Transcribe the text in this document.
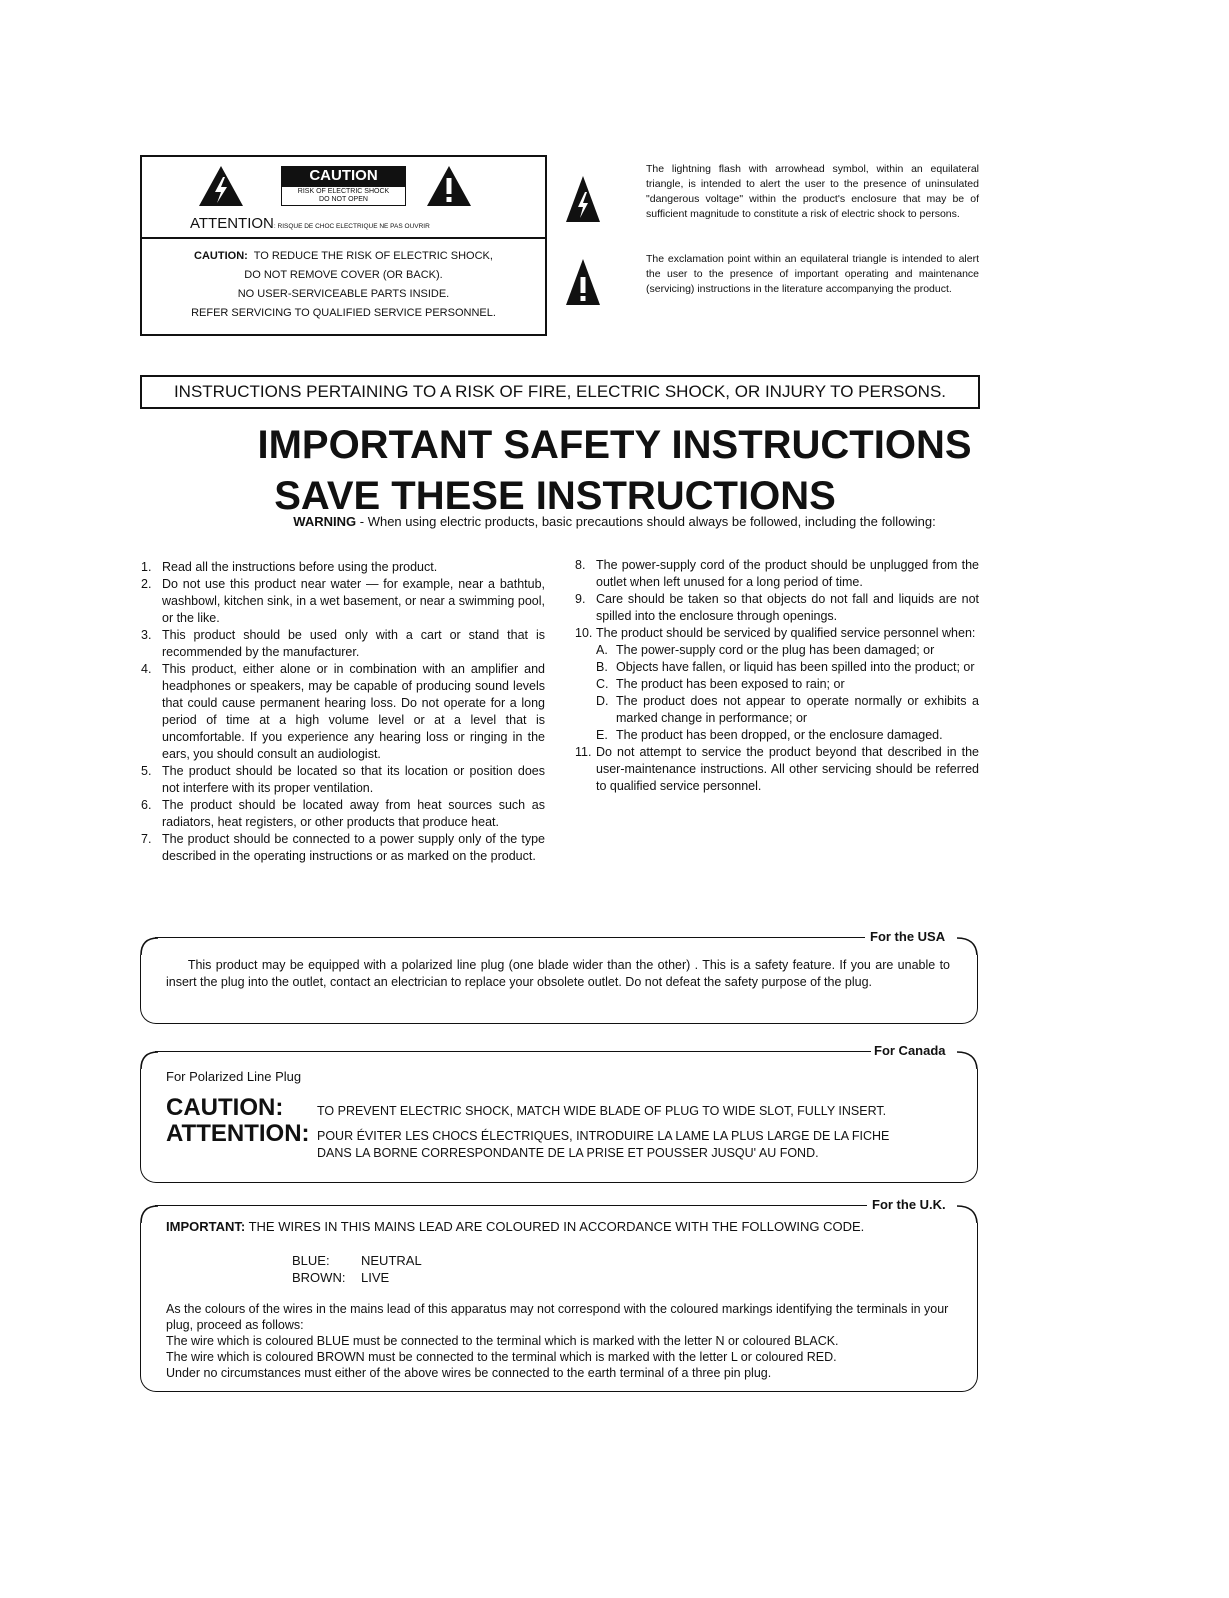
CAUTION
RISK OF ELECTRIC SHOCK
DO NOT OPEN
ATTENTION: RISQUE DE CHOC ELECTRIQUE NE PAS OUVRIR
CAUTION: TO REDUCE THE RISK OF ELECTRIC SHOCK,
DO NOT REMOVE COVER (OR BACK).
NO USER-SERVICEABLE PARTS INSIDE.
REFER SERVICING TO QUALIFIED SERVICE PERSONNEL.
The lightning flash with arrowhead symbol, within an equilateral triangle, is intended to alert the user to the presence of uninsulated "dangerous voltage" within the product's enclosure that may be of sufficient magnitude to constitute a risk of electric shock to persons.
The exclamation point within an equilateral triangle is intended to alert the user to the presence of important operating and maintenance (servicing) instructions in the literature accompanying the product.
INSTRUCTIONS PERTAINING TO A RISK OF FIRE, ELECTRIC SHOCK, OR INJURY TO PERSONS.
IMPORTANT SAFETY INSTRUCTIONS
SAVE THESE INSTRUCTIONS
WARNING - When using electric products, basic precautions should always be followed, including the following:
1. Read all the instructions before using the product.
2. Do not use this product near water — for example, near a bathtub, washbowl, kitchen sink, in a wet basement, or near a swimming pool, or the like.
3. This product should be used only with a cart or stand that is recommended by the manufacturer.
4. This product, either alone or in combination with an amplifier and headphones or speakers, may be capable of producing sound levels that could cause permanent hearing loss. Do not operate for a long period of time at a high volume level or at a level that is uncomfortable. If you experience any hearing loss or ringing in the ears, you should consult an audiologist.
5. The product should be located so that its location or position does not interfere with its proper ventilation.
6. The product should be located away from heat sources such as radiators, heat registers, or other products that produce heat.
7. The product should be connected to a power supply only of the type described in the operating instructions or as marked on the product.
8. The power-supply cord of the product should be unplugged from the outlet when left unused for a long period of time.
9. Care should be taken so that objects do not fall and liquids are not spilled into the enclosure through openings.
10. The product should be serviced by qualified service personnel when:
A. The power-supply cord or the plug has been damaged; or
B. Objects have fallen, or liquid has been spilled into the product; or
C. The product has been exposed to rain; or
D. The product does not appear to operate normally or exhibits a marked change in performance; or
E. The product has been dropped, or the enclosure damaged.
11. Do not attempt to service the product beyond that described in the user-maintenance instructions. All other servicing should be referred to qualified service personnel.
For the USA
This product may be equipped with a polarized line plug (one blade wider than the other) . This is a safety feature. If you are unable to insert the plug into the outlet, contact an electrician to replace your obsolete outlet. Do not defeat the safety purpose of the plug.
For Canada
For Polarized Line Plug
CAUTION:	TO PREVENT ELECTRIC SHOCK, MATCH WIDE BLADE OF PLUG TO WIDE SLOT, FULLY INSERT.
ATTENTION: POUR ÉVITER LES CHOCS ÉLECTRIQUES, INTRODUIRE LA LAME LA PLUS LARGE DE LA FICHE
DANS LA BORNE CORRESPONDANTE DE LA PRISE ET POUSSER JUSQU' AU FOND.
For the U.K.
IMPORTANT: THE WIRES IN THIS MAINS LEAD ARE COLOURED IN ACCORDANCE WITH THE FOLLOWING CODE.
BLUE: NEUTRAL
BROWN: LIVE
As the colours of the wires in the mains lead of this apparatus may not correspond with the coloured markings identifying the terminals in your plug, proceed as follows:
The wire which is coloured BLUE must be connected to the terminal which is marked with the letter N or coloured BLACK.
The wire which is coloured BROWN must be connected to the terminal which is marked with the letter L or coloured RED.
Under no circumstances must either of the above wires be connected to the earth terminal of a three pin plug.
